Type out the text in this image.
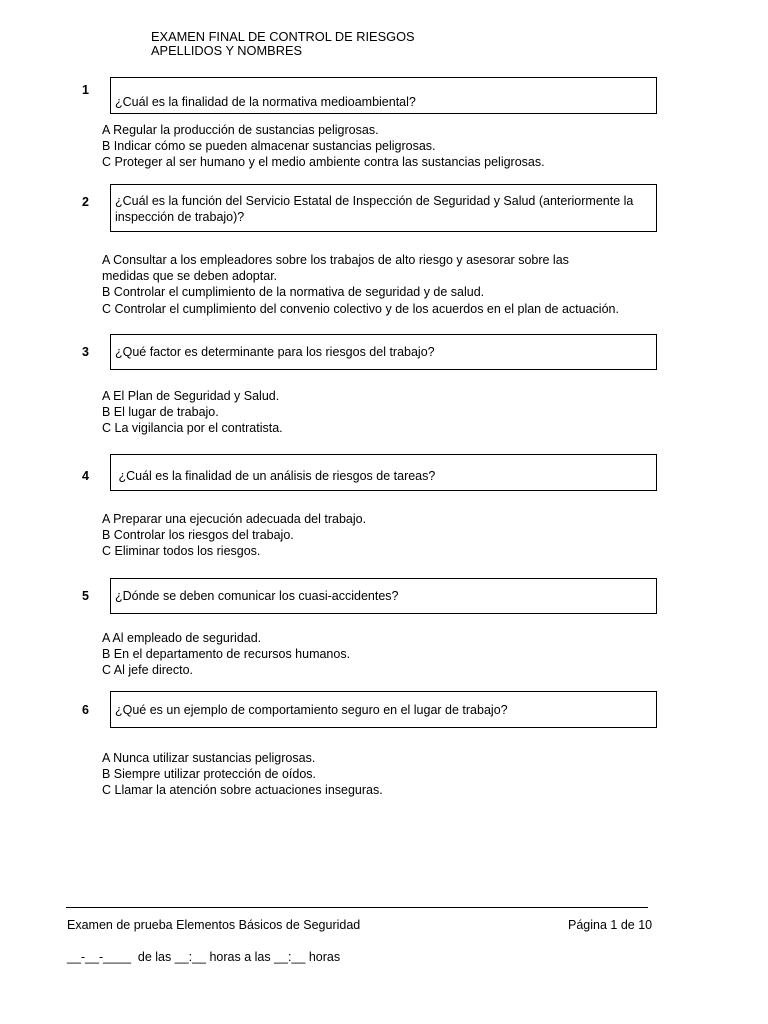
EXAMEN FINAL DE CONTROL DE RIESGOS
APELLIDOS Y NOMBRES
1
¿Cuál es la finalidad de la normativa medioambiental?
A Regular la producción de sustancias peligrosas.
B Indicar cómo se pueden almacenar sustancias peligrosas.
C Proteger al ser humano y el medio ambiente contra las sustancias peligrosas.
2	¿Cuál es la función del Servicio Estatal de Inspección de Seguridad y Salud (anteriormente la inspección de trabajo)?
A Consultar a los empleadores sobre los trabajos de alto riesgo y asesorar sobre las medidas que se deben adoptar.
B Controlar el cumplimiento de la normativa de seguridad y de salud.
C Controlar el cumplimiento del convenio colectivo y de los acuerdos en el plan de actuación.
3	¿Qué factor es determinante para los riesgos del trabajo?
A El Plan de Seguridad y Salud.
B El lugar de trabajo.
C La vigilancia por el contratista.
4	¿Cuál es la finalidad de un análisis de riesgos de tareas?
A Preparar una ejecución adecuada del trabajo.
B Controlar los riesgos del trabajo.
C Eliminar todos los riesgos.
5	¿Dónde se deben comunicar los cuasi-accidentes?
A Al empleado de seguridad.
B En el departamento de recursos humanos.
C Al jefe directo.
6	¿Qué es un ejemplo de comportamiento seguro en el lugar de trabajo?
A Nunca utilizar sustancias peligrosas.
B Siempre utilizar protección de oídos.
C Llamar la atención sobre actuaciones inseguras.
Examen de prueba Elementos Básicos de Seguridad	Página 1 de 10
__-__-____  de las __:__ horas a las __:__ horas
